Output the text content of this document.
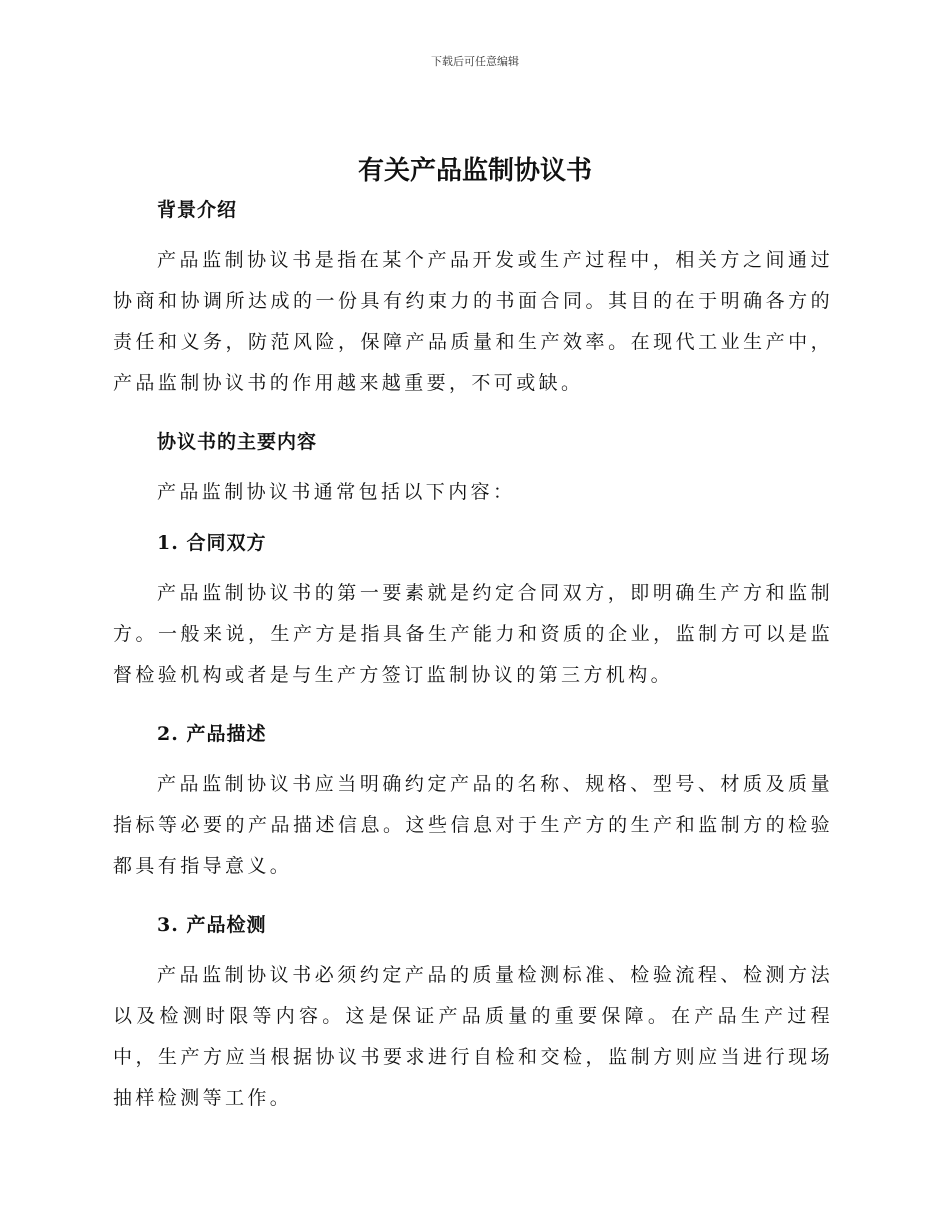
下载后可任意编辑
有关产品监制协议书
背景介绍

产品监制协议书是指在某个产品开发或生产过程中，相关方之间通过协商和协调所达成的一份具有约束力的书面合同。其目的在于明确各方的责任和义务，防范风险，保障产品质量和生产效率。在现代工业生产中，产品监制协议书的作用越来越重要，不可或缺。

协议书的主要内容

产品监制协议书通常包括以下内容：

1. 合同双方

产品监制协议书的第一要素就是约定合同双方，即明确生产方和监制方。一般来说，生产方是指具备生产能力和资质的企业，监制方可以是监督检验机构或者是与生产方签订监制协议的第三方机构。

2. 产品描述

产品监制协议书应当明确约定产品的名称、规格、型号、材质及质量指标等必要的产品描述信息。这些信息对于生产方的生产和监制方的检验都具有指导意义。

3. 产品检测

产品监制协议书必须约定产品的质量检测标准、检验流程、检测方法以及检测时限等内容。这是保证产品质量的重要保障。在产品生产过程中，生产方应当根据协议书要求进行自检和交检，监制方则应当进行现场抽样检测等工作。
